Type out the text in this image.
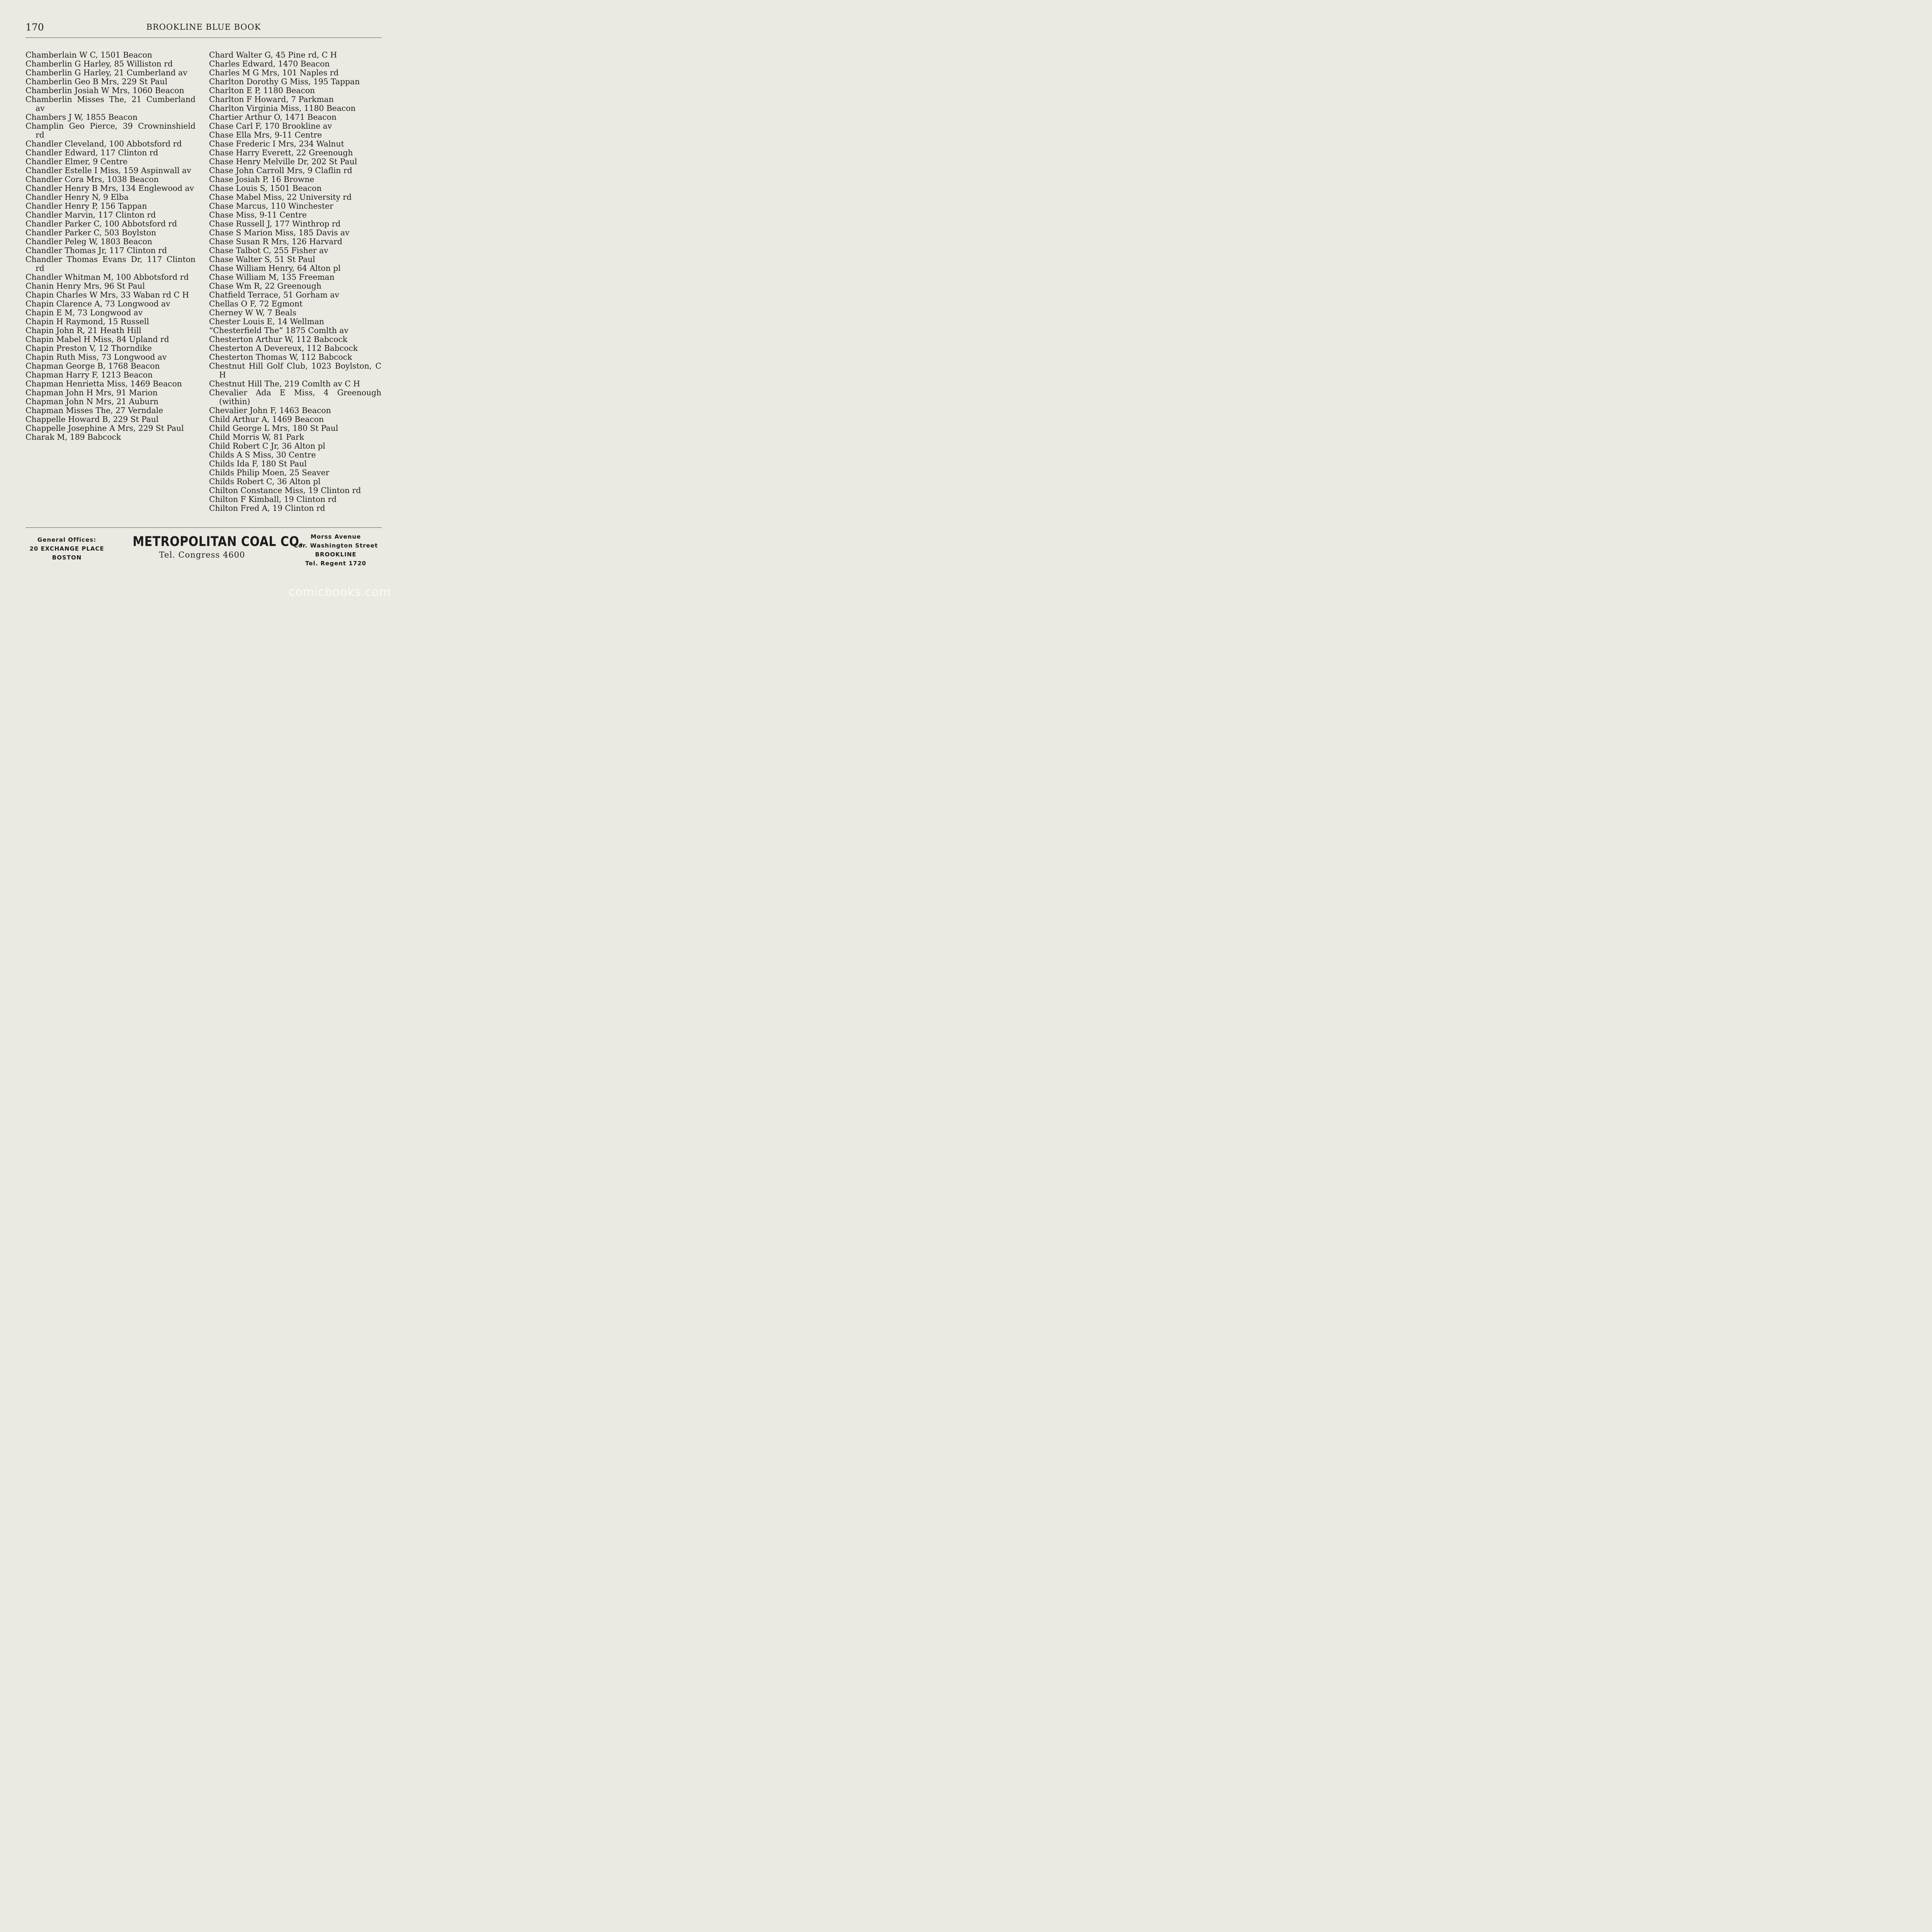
170	BROOKLINE BLUE BOOK

Chamberlain W C, 1501 Beacon

Chamberlin G Harley, 85 Williston rd

Chamberlin G Harley, 21 Cumberland av

Chamberlin Geo B Mrs, 229 St Paul

Chamberlin Josiah W Mrs, 1060 Beacon

Chamberlin Misses The, 21 Cumberland av

Chambers J W, 1855 Beacon

Champlin Geo Pierce, 39 Crowninshield rd

Chandler Cleveland, 100 Abbotsford rd

Chandler Edward, 117 Clinton rd

Chandler Elmer, 9 Centre

Chandler Estelle I Miss, 159 Aspinwall av

Chandler Cora Mrs, 1038 Beacon

Chandler Henry B Mrs, 134 Englewood av

Chandler Henry N, 9 Elba

Chandler Henry P, 156 Tappan

Chandler Marvin, 117 Clinton rd

Chandler Parker C, 100 Abbotsford rd

Chandler Parker C, 503 Boylston

Chandler Peleg W, 1803 Beacon

Chandler Thomas Jr, 117 Clinton rd

Chandler Thomas Evans Dr, 117 Clinton rd

Chandler Whitman M, 100 Abbotsford rd

Chanin Henry Mrs, 96 St Paul

Chapin Charles W Mrs, 33 Waban rd C H

Chapin Clarence A, 73 Longwood av

Chapin E M, 73 Longwood av

Chapin H Raymond, 15 Russell

Chapin John R, 21 Heath Hill

Chapin Mabel H Miss, 84 Upland rd

Chapin Preston V, 12 Thorndike

Chapin Ruth Miss, 73 Longwood av

Chapman George B, 1768 Beacon

Chapman Harry F, 1213 Beacon

Chapman Henrietta Miss, 1469 Beacon

Chapman John H Mrs, 91 Marion

Chapman John N Mrs, 21 Auburn

Chapman Misses The, 27 Verndale

Chappelle Howard B, 229 St Paul

Chappelle Josephine A Mrs, 229 St Paul

Charak M, 189 Babcock

Chard Walter G, 45 Pine rd, C H

Charles Edward, 1470 Beacon

Charles M G Mrs, 101 Naples rd

Charlton Dorothy G Miss, 195 Tappan

Charlton E P, 1180 Beacon

Charlton F Howard, 7 Parkman

Charlton Virginia Miss, 1180 Beacon

Chartier Arthur O, 1471 Beacon

Chase Carl F, 170 Brookline av

Chase Ella Mrs, 9-11 Centre

Chase Frederic I Mrs, 234 Walnut

Chase Harry Everett, 22 Greenough

Chase Henry Melville Dr, 202 St Paul

Chase John Carroll Mrs, 9 Claflin rd

Chase Josiah P, 16 Browne

Chase Louis S, 1501 Beacon

Chase Mabel Miss, 22 University rd

Chase Marcus, 110 Winchester

Chase Miss, 9-11 Centre

Chase Russell J, 177 Winthrop rd

Chase S Marion Miss, 185 Davis av

Chase Susan R Mrs, 126 Harvard

Chase Talbot C, 255 Fisher av

Chase Walter S, 51 St Paul

Chase William Henry, 64 Alton pl

Chase William M, 135 Freeman

Chase Wm R, 22 Greenough

Chatfield Terrace, 51 Gorham av

Chellas O F, 72 Egmont

Cherney W W, 7 Beals

Chester Louis E, 14 Wellman

“Chesterfield The” 1875 Comlth av

Chesterton Arthur W, 112 Babcock

Chesterton A Devereux, 112 Babcock

Chesterton Thomas W, 112 Babcock

Chestnut Hill Golf Club, 1023 Boylston, C H

Chestnut Hill The, 219 Comlth av C H

Chevalier Ada E Miss, 4 Greenough (within)

Chevalier John F, 1463 Beacon

Child Arthur A, 1469 Beacon

Child George L Mrs, 180 St Paul

Child Morris W, 81 Park

Child Robert C Jr, 36 Alton pl

Childs A S Miss, 30 Centre

Childs Ida F, 180 St Paul

Childs Philip Moen, 25 Seaver

Childs Robert C, 36 Alton pl

Chilton Constance Miss, 19 Clinton rd

Chilton F Kimball, 19 Clinton rd

Chilton Fred A, 19 Clinton rd

General Offices:
20 EXCHANGE PLACE
BOSTON
METROPOLITAN COAL CO.
Tel. Congress 4600
Morss Avenue
Cor. Washington Street
BROOKLINE
Tel. Regent 1720
comicbooks.com
